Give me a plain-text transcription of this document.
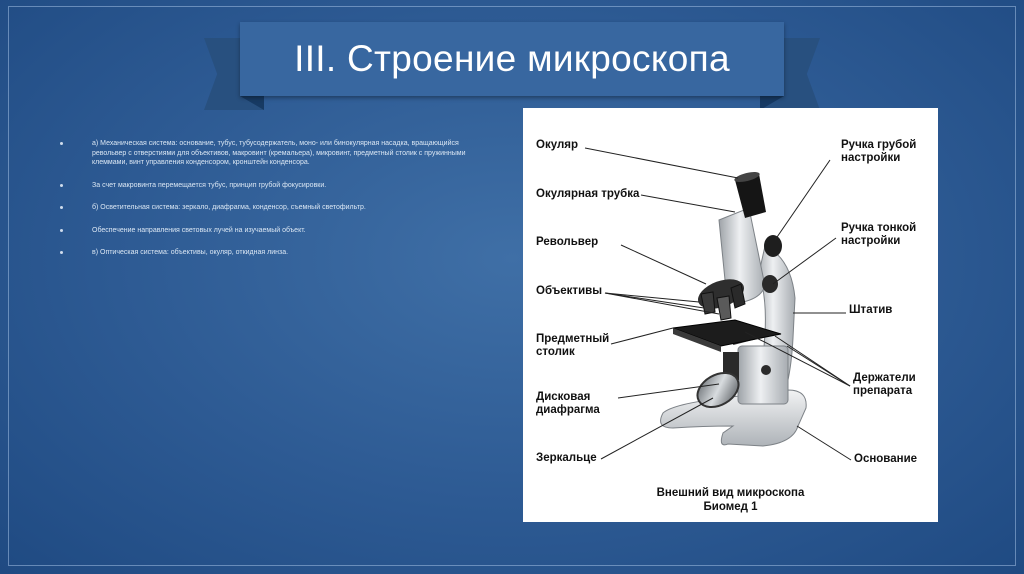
III. Строение микроскопа
а) Механическая система: основание, тубус, тубусодержатель, моно- или бинокулярная насадка, вращающийся револьвер с отверстиями для объективов, макровинт (кремальера), микровинт, предметный столик с пружинными клеммами, винт управления конденсором, кронштейн конденсора.
За счет макровинта перемещается тубус, принцип грубой фокусировки.
б) Осветительная система: зеркало, диафрагма, конденсор, съемный светофильтр.
Обеспечение направления световых лучей на изучаемый объект.
в) Оптическая система: объективы, окуляр, откидная линза.
Окуляр
Окулярная трубка
Револьвер
Объективы
Предметный
столик
Дисковая
диафрагма
Зеркальце
Ручка грубой
настройки
Ручка тонкой
настройки
Штатив
Держатели
препарата
Основание
Внешний вид микроскопа
Биомед 1
